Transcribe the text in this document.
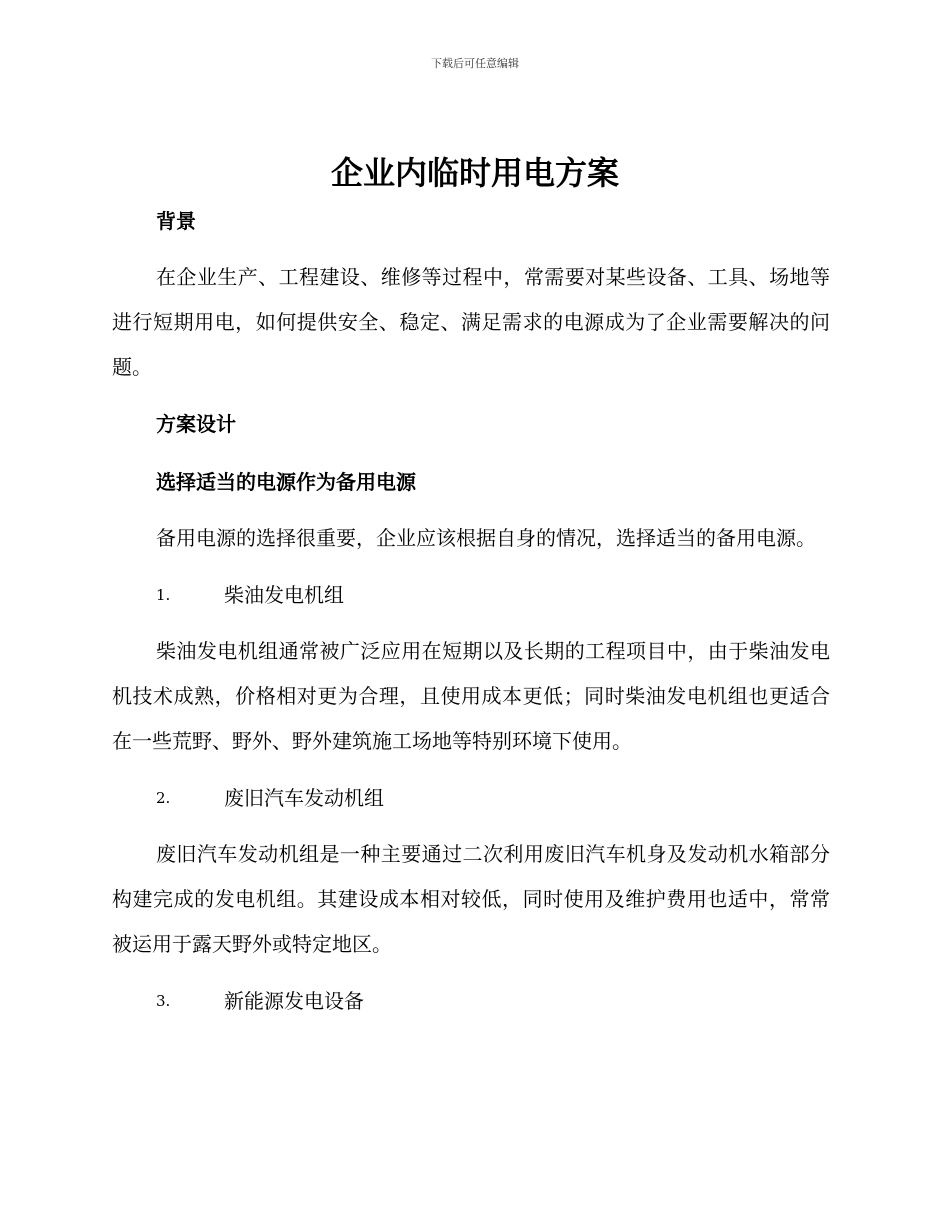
下载后可任意编辑
企业内临时用电方案

背景

在企业生产、工程建设、维修等过程中，常需要对某些设备、工具、场地等进行短期用电，如何提供安全、稳定、满足需求的电源成为了企业需要解决的问题。

方案设计

选择适当的电源作为备用电源

备用电源的选择很重要，企业应该根据自身的情况，选择适当的备用电源。

1.	柴油发电机组

柴油发电机组通常被广泛应用在短期以及长期的工程项目中，由于柴油发电机技术成熟，价格相对更为合理，且使用成本更低；同时柴油发电机组也更适合在一些荒野、野外、野外建筑施工场地等特别环境下使用。

2.	废旧汽车发动机组

废旧汽车发动机组是一种主要通过二次利用废旧汽车机身及发动机水箱部分构建完成的发电机组。其建设成本相对较低，同时使用及维护费用也适中，常常被运用于露天野外或特定地区。

3.	新能源发电设备
